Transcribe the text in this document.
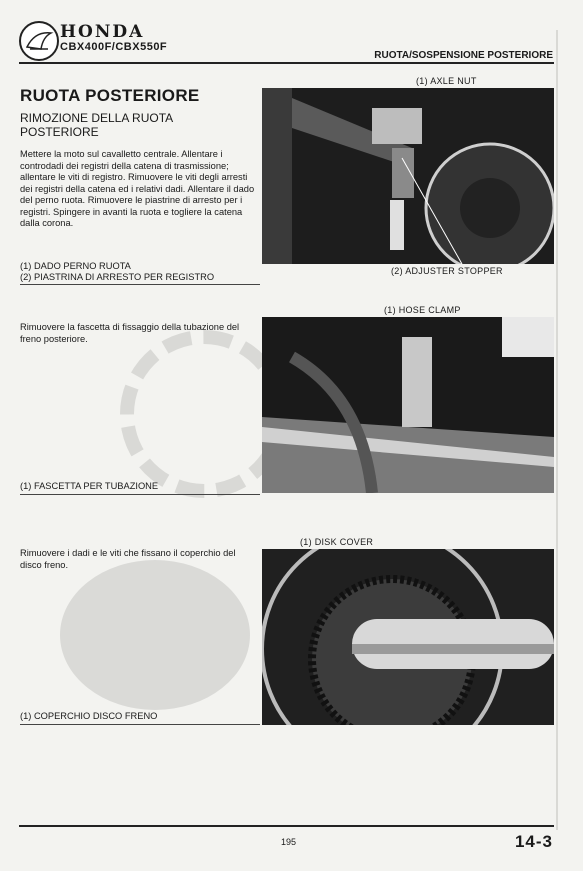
HONDA
CBX400F/CBX550F
RUOTA/SOSPENSIONE POSTERIORE
RUOTA POSTERIORE
RIMOZIONE DELLA RUOTA POSTERIORE
Mettere la moto sul cavalletto centrale. Allentare i controdadi dei registri della catena di trasmissione; allentare le viti di registro. Rimuovere le viti degli arresti dei registri della catena ed i relativi dadi. Allentare il dado del perno ruota. Rimuovere le piastrine di arresto per i registri. Spingere in avanti la ruota e togliere la catena dalla corona.
(1) DADO PERNO RUOTA
(2) PIASTRINA DI ARRESTO PER REGISTRO
(1) AXLE NUT
(2) ADJUSTER STOPPER
Rimuovere la fascetta di fissaggio della tubazione del freno posteriore.
(1) FASCETTA PER TUBAZIONE
(1) HOSE CLAMP
Rimuovere i dadi e le viti che fissano il coperchio del disco freno.
(1) COPERCHIO DISCO FRENO
(1) DISK COVER
195	14-3
